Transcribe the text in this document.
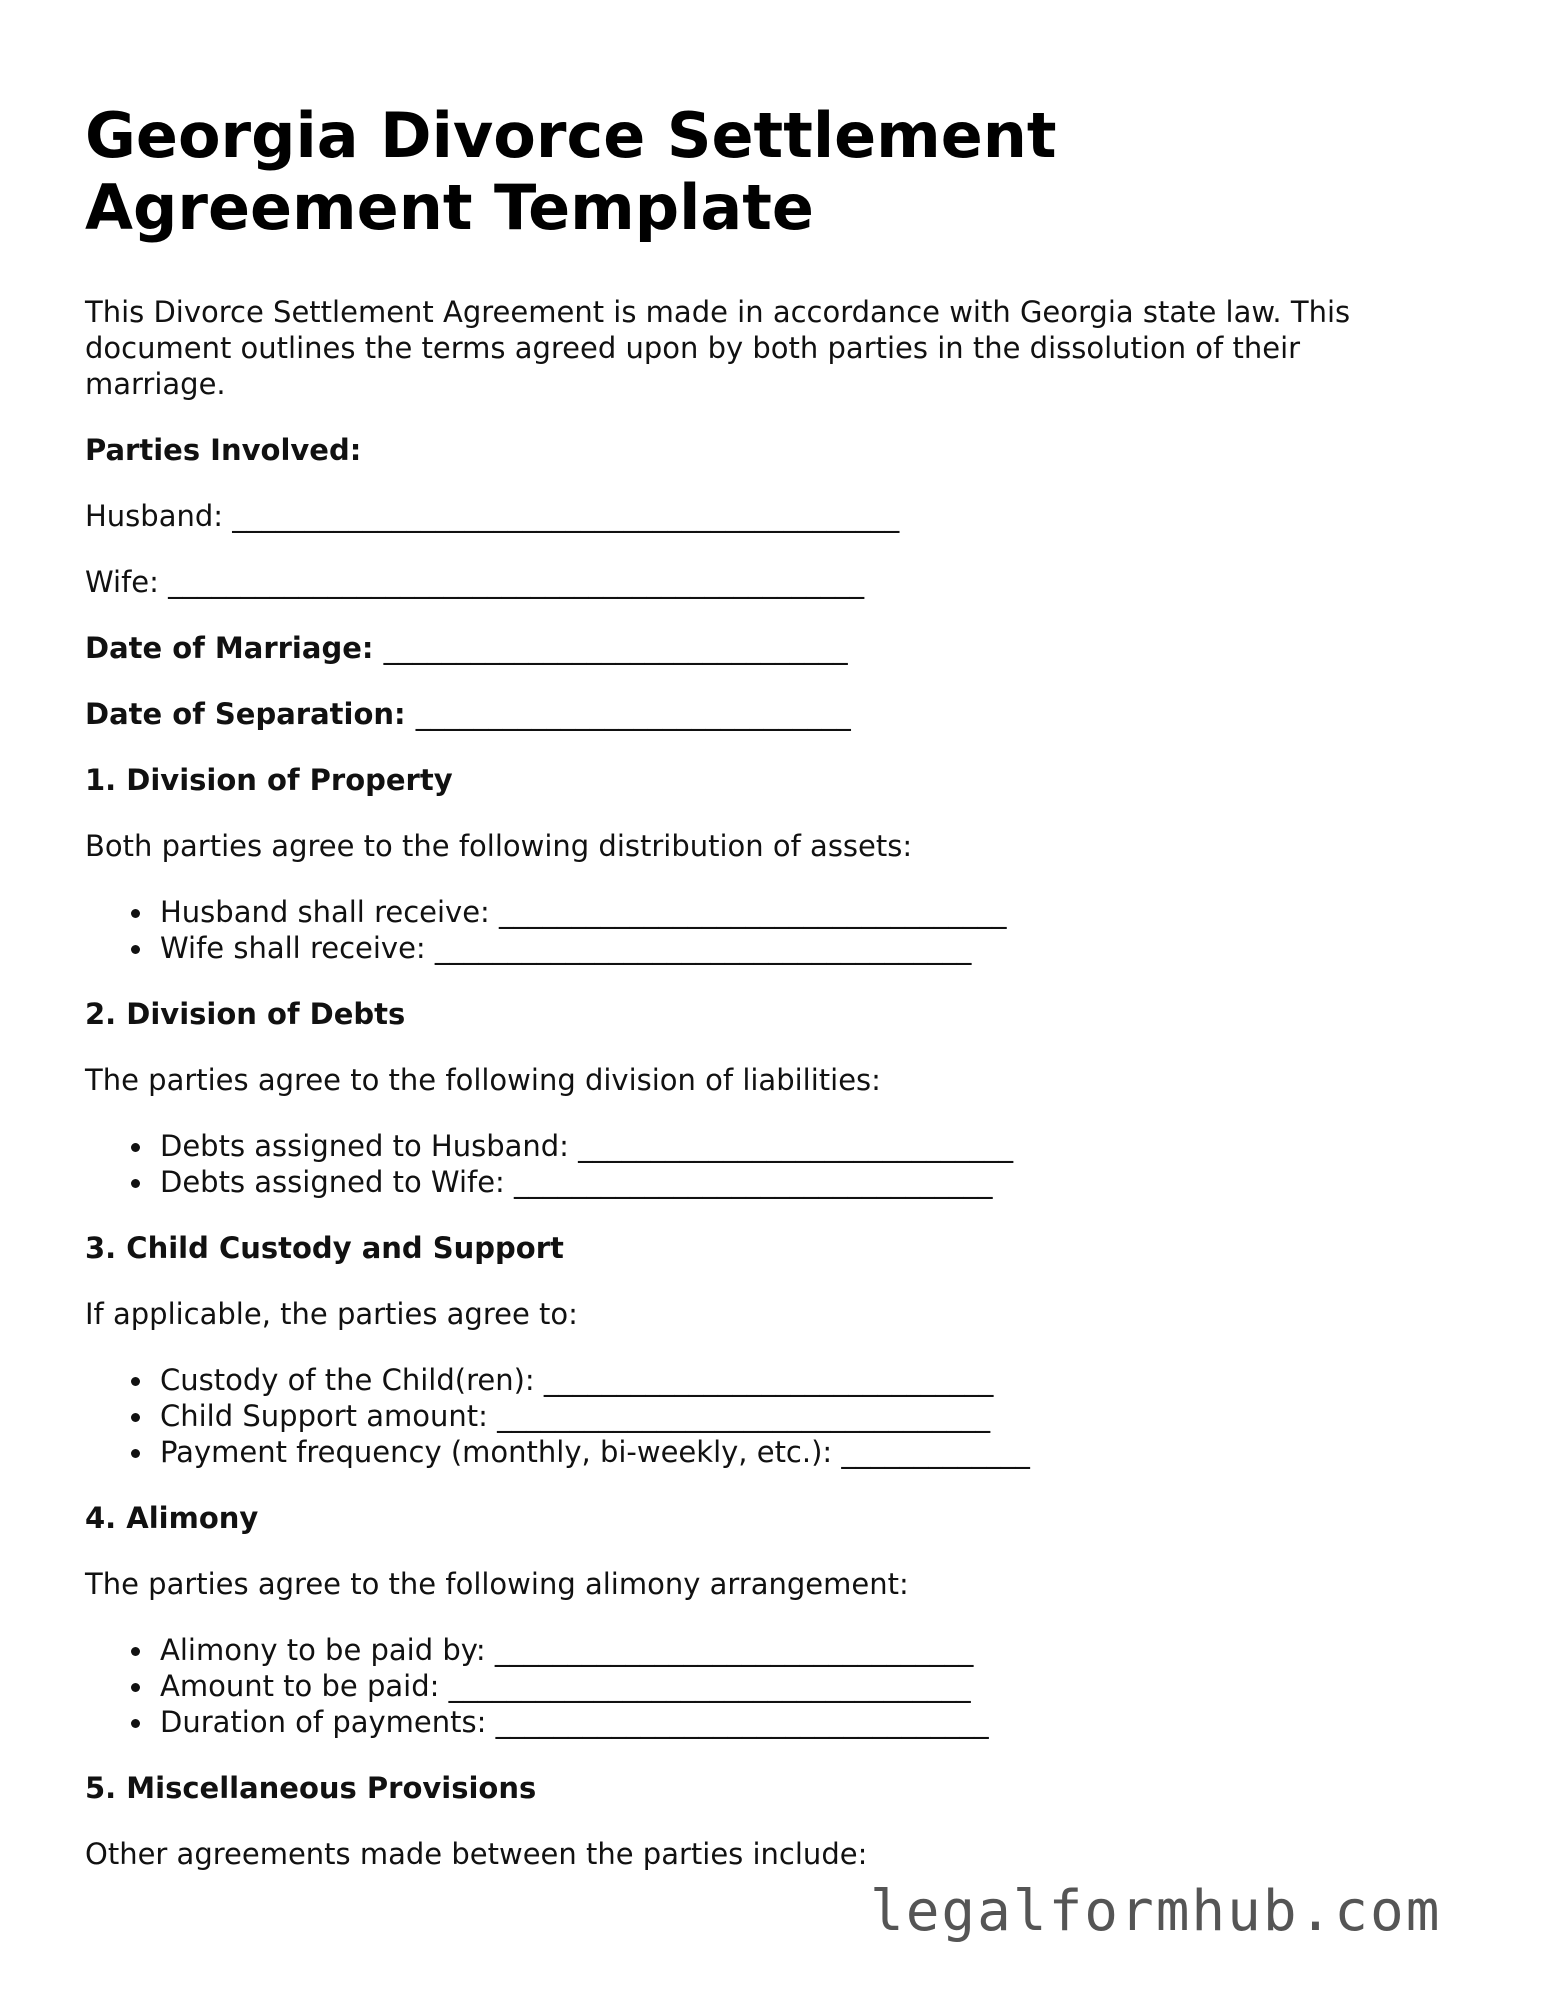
Georgia Divorce Settlement Agreement Template

This Divorce Settlement Agreement is made in accordance with Georgia state law. This document outlines the terms agreed upon by both parties in the dissolution of their marriage.

Parties Involved:

Husband: ______________________________________________

Wife: ________________________________________________

Date of Marriage: ________________________________

Date of Separation: ______________________________

1. Division of Property

Both parties agree to the following distribution of assets:

Husband shall receive: ___________________________________
Wife shall receive: _____________________________________

2. Division of Debts

The parties agree to the following division of liabilities:

Debts assigned to Husband: ______________________________
Debts assigned to Wife: _________________________________

3. Child Custody and Support

If applicable, the parties agree to:

Custody of the Child(ren): _______________________________
Child Support amount: __________________________________
Payment frequency (monthly, bi-weekly, etc.): _____________

4. Alimony

The parties agree to the following alimony arrangement:

Alimony to be paid by: _________________________________
Amount to be paid: ____________________________________
Duration of payments: __________________________________

5. Miscellaneous Provisions

Other agreements made between the parties include:

legalformhub.com
